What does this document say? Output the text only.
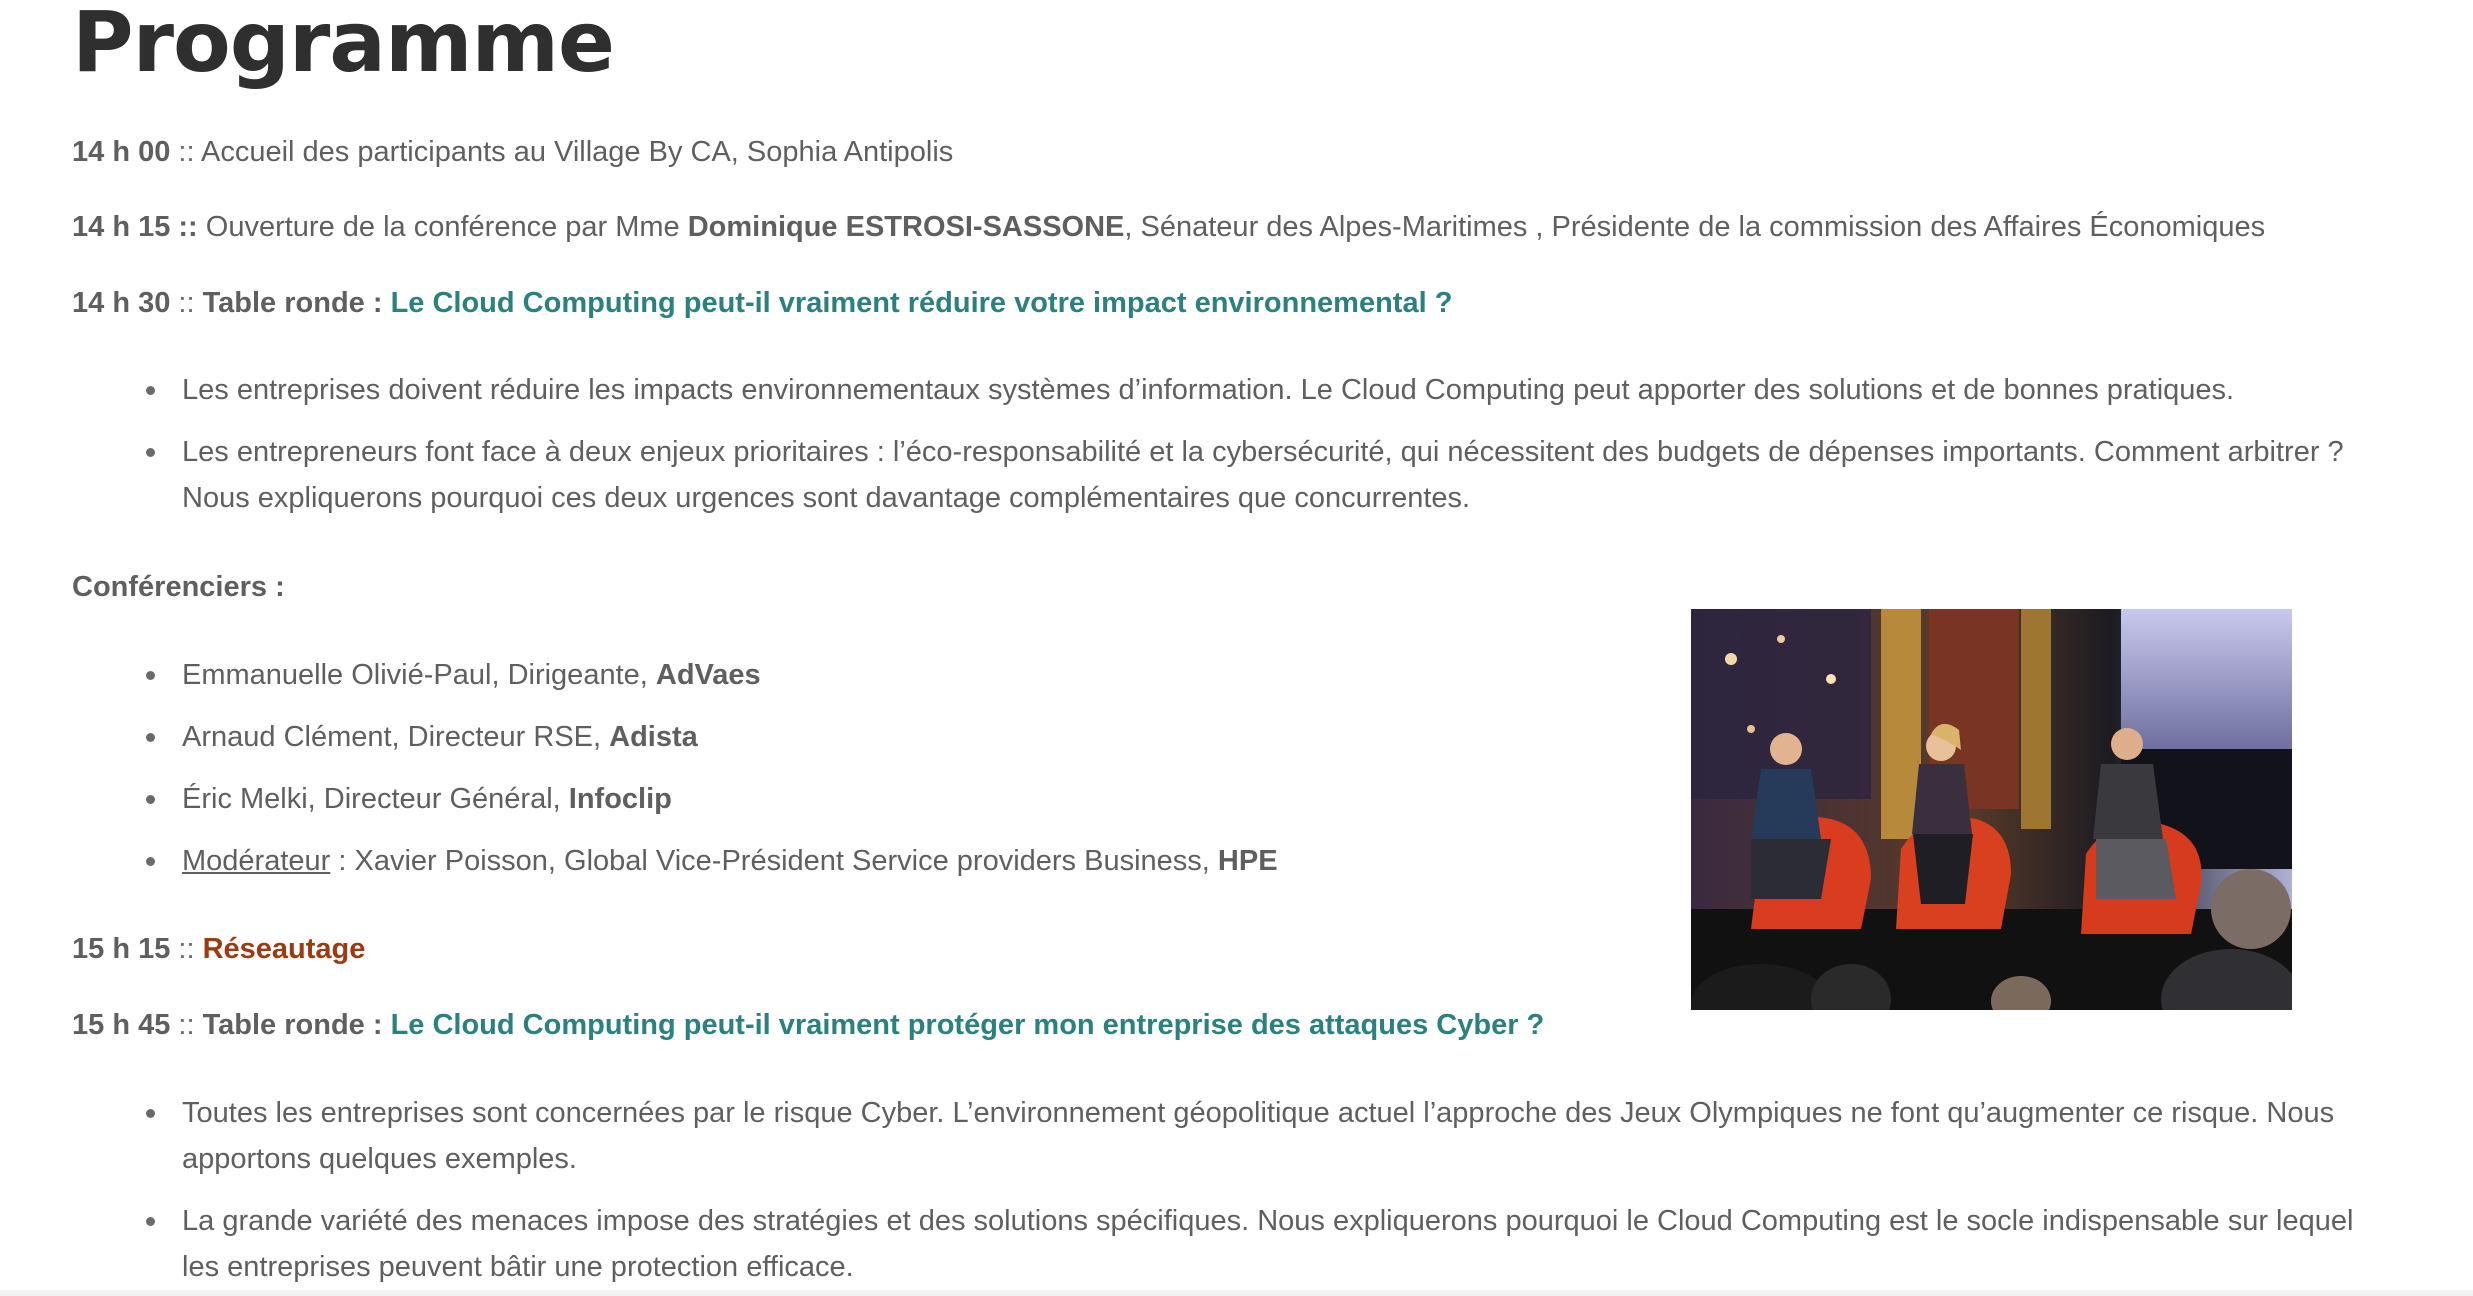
Programme
14 h 00 :: Accueil des participants au Village By CA, Sophia Antipolis
14 h 15 :: Ouverture de la conférence par Mme Dominique ESTROSI-SASSONE, Sénateur des Alpes-Maritimes , Présidente de la commission des Affaires Économiques
14 h 30 :: Table ronde : Le Cloud Computing peut-il vraiment réduire votre impact environnemental ?
Les entreprises doivent réduire les impacts environnementaux systèmes d’information. Le Cloud Computing peut apporter des solutions et de bonnes pratiques.
Les entrepreneurs font face à deux enjeux prioritaires : l’éco-responsabilité et la cybersécurité, qui nécessitent des budgets de dépenses importants. Comment arbitrer ? Nous expliquerons pourquoi ces deux urgences sont davantage complémentaires que concurrentes.
Conférenciers :
Emmanuelle Olivié-Paul, Dirigeante, AdVaes
Arnaud Clément, Directeur RSE, Adista
Éric Melki, Directeur Général, Infoclip
Modérateur : Xavier Poisson, Global Vice-Président Service providers Business, HPE
15 h 15 :: Réseautage
15 h 45 :: Table ronde : Le Cloud Computing peut-il vraiment protéger mon entreprise des attaques Cyber ?
Toutes les entreprises sont concernées par le risque Cyber. L’environnement géopolitique actuel l’approche des Jeux Olympiques ne font qu’augmenter ce risque. Nous apportons quelques exemples.
La grande variété des menaces impose des stratégies et des solutions spécifiques. Nous expliquerons pourquoi le Cloud Computing est le socle indispensable sur lequel les entreprises peuvent bâtir une protection efficace.
